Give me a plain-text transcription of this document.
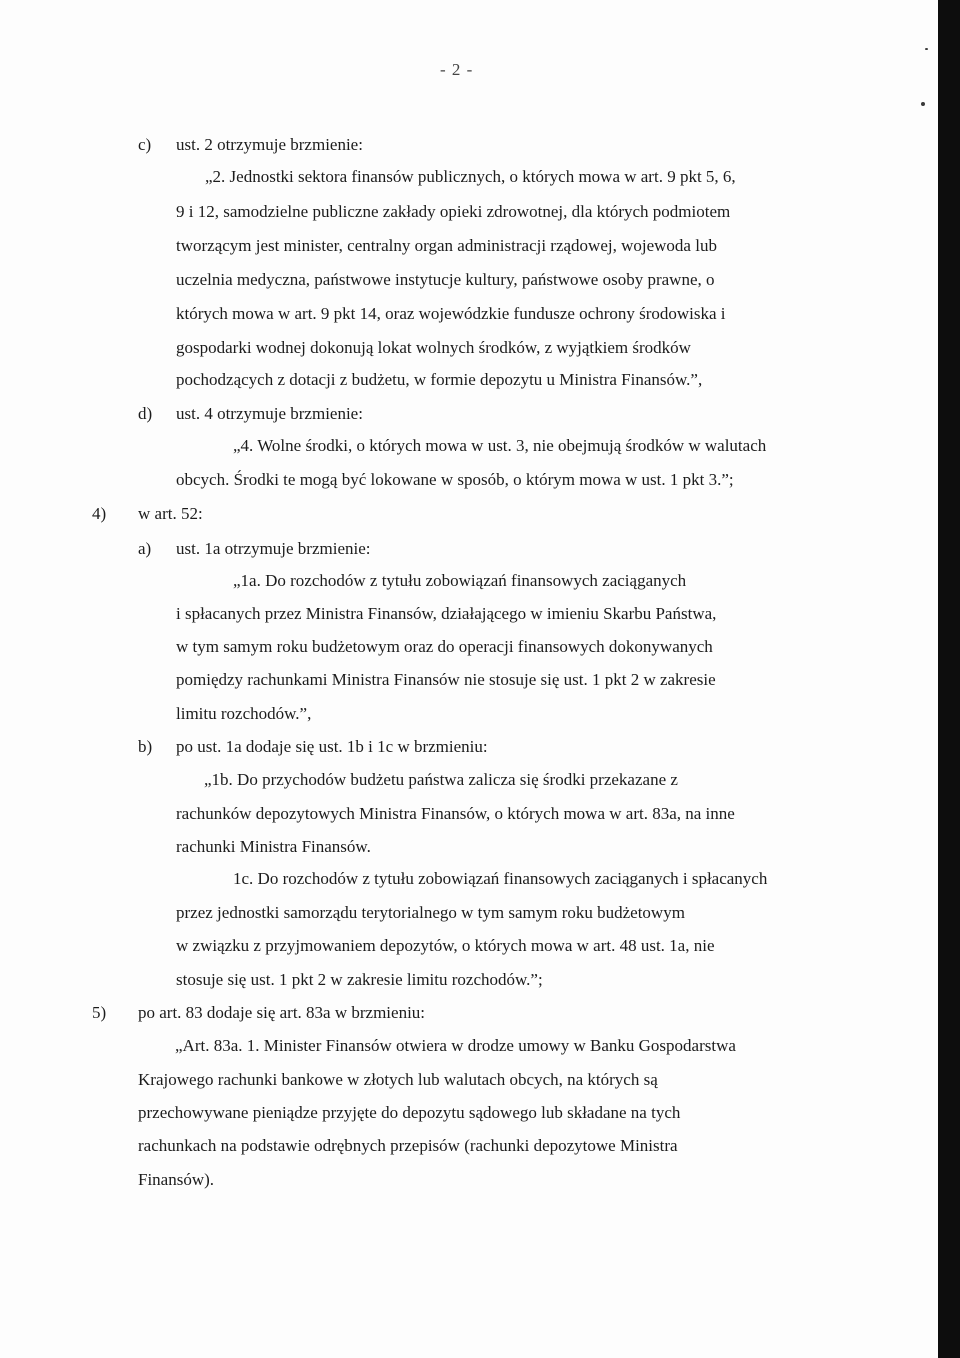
- 2 -
c) ust. 2 otrzymuje brzmienie:
„2. Jednostki sektora finansów publicznych, o których mowa w art. 9 pkt 5, 6,
9 i 12, samodzielne publiczne zakłady opieki zdrowotnej, dla których podmiotem
tworzącym jest minister, centralny organ administracji rządowej, wojewoda lub
uczelnia medyczna, państwowe instytucje kultury, państwowe osoby prawne, o
których mowa w art. 9 pkt 14, oraz wojewódzkie fundusze ochrony środowiska i
gospodarki wodnej dokonują lokat wolnych środków, z wyjątkiem środków
pochodzących z dotacji z budżetu, w formie depozytu u Ministra Finansów.”,
d) ust. 4 otrzymuje brzmienie:
„4. Wolne środki, o których mowa w ust. 3, nie obejmują środków w walutach
obcych. Środki te mogą być lokowane w sposób, o którym mowa w ust. 1 pkt 3.”;
4) w art. 52:
a) ust. 1a otrzymuje brzmienie:
„1a. Do rozchodów z tytułu zobowiązań finansowych zaciąganych
i spłacanych przez Ministra Finansów, działającego w imieniu Skarbu Państwa,
w tym samym roku budżetowym oraz do operacji finansowych dokonywanych
pomiędzy rachunkami Ministra Finansów nie stosuje się ust. 1 pkt 2 w zakresie
limitu rozchodów.”,
b) po ust. 1a dodaje się ust. 1b i 1c w brzmieniu:
„1b. Do przychodów budżetu państwa zalicza się środki przekazane z
rachunków depozytowych Ministra Finansów, o których mowa w art. 83a, na inne
rachunki Ministra Finansów.
1c. Do rozchodów z tytułu zobowiązań finansowych zaciąganych i spłacanych
przez jednostki samorządu terytorialnego w tym samym roku budżetowym
w związku z przyjmowaniem depozytów, o których mowa w art. 48 ust. 1a, nie
stosuje się ust. 1 pkt 2 w zakresie limitu rozchodów.”;
5) po art. 83 dodaje się art. 83a w brzmieniu:
„Art. 83a. 1. Minister Finansów otwiera w drodze umowy w Banku Gospodarstwa
Krajowego rachunki bankowe w złotych lub walutach obcych, na których są
przechowywane pieniądze przyjęte do depozytu sądowego lub składane na tych
rachunkach na podstawie odrębnych przepisów (rachunki depozytowe Ministra
Finansów).
